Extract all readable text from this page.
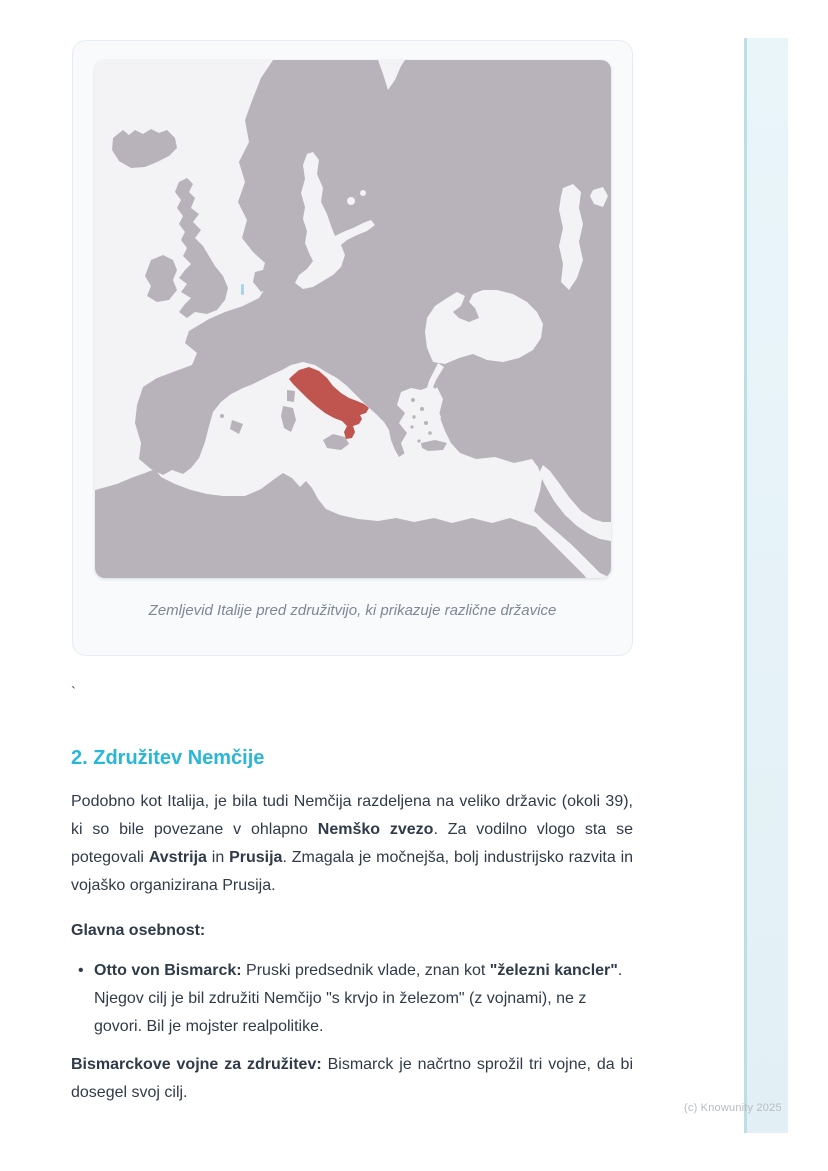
Zemljevid Italije pred združitvijo, ki prikazuje različne državice
`
2. Združitev Nemčije

Podobno kot Italija, je bila tudi Nemčija razdeljena na veliko državic (okoli 39), ki so bile povezane v ohlapno Nemško zvezo. Za vodilno vlogo sta se potegovali Avstrija in Prusija. Zmagala je močnejša, bolj industrijsko razvita in vojaško organizirana Prusija.

Glavna osebnost:

• Otto von Bismarck: Pruski predsednik vlade, znan kot "železni kancler". Njegov cilj je bil združiti Nemčijo "s krvjo in železom" (z vojnami), ne z govori. Bil je mojster realpolitike.

Bismarckove vojne za združitev: Bismarck je načrtno sprožil tri vojne, da bi dosegel svoj cilj.

(c) Knowunity 2025
